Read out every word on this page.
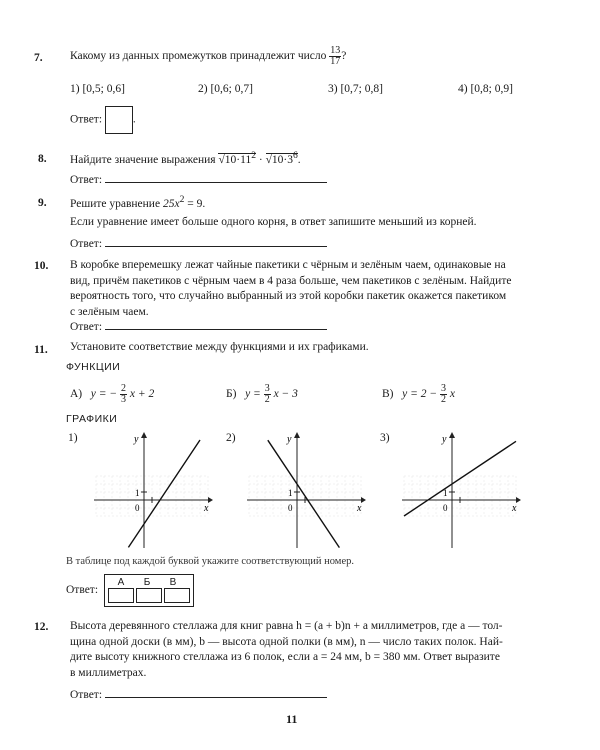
7. Какому из данных промежутков принадлежит число $\frac{13}{17}$ ?
1) [0,5; 0,6]	2) [0,6; 0,7]	3) [0,7; 0,8]	4) [0,8; 0,9]
Ответ:	.
8. Найдите значение выражения $√10\cdot 11^2 \cdot √10\cdot 3^6$.
Ответ:
9. Решите уравнение $25x^2 = 9$.
Если уравнение имеет больше одного корня, в ответ запишите меньший из корней.
Ответ:
10. В коробке вперемешку лежат чайные пакетики с чёрным и зелёным чаем, одинаковые на
вид, причём пакетиков с чёрным чаем в 4 раза больше, чем пакетиков с зелёным. Найдите
вероятность того, что случайно выбранный из этой коробки пакетик окажется пакетиком
с зелёным чаем.
Ответ:
11. Установите соответствие между функциями и их графиками.
ФУНКЦИИ
А) y = − $\frac{2}{3}$ x + 2	Б) $y = \frac{3}{2}$ x − 3	В) $y = 2 - \frac{3}{2}$ x
ГРАФИКИ
1)	2)	3)
y
x
1
0
y
x
1
0
y
x
1
0
В таблице под каждой буквой укажите соответствующий номер.
Ответ:
А Б В
12. Высота деревянного стеллажа для книг равна h = (a + b)n + a миллиметров, где a — тол-
щина одной доски (в мм), b — высота одной полки (в мм), n — число таких полок. Най-
дите высоту книжного стеллажа из 6 полок, если a = 24 мм, b = 380 мм. Ответ выразите
в миллиметрах.
Ответ:
11
